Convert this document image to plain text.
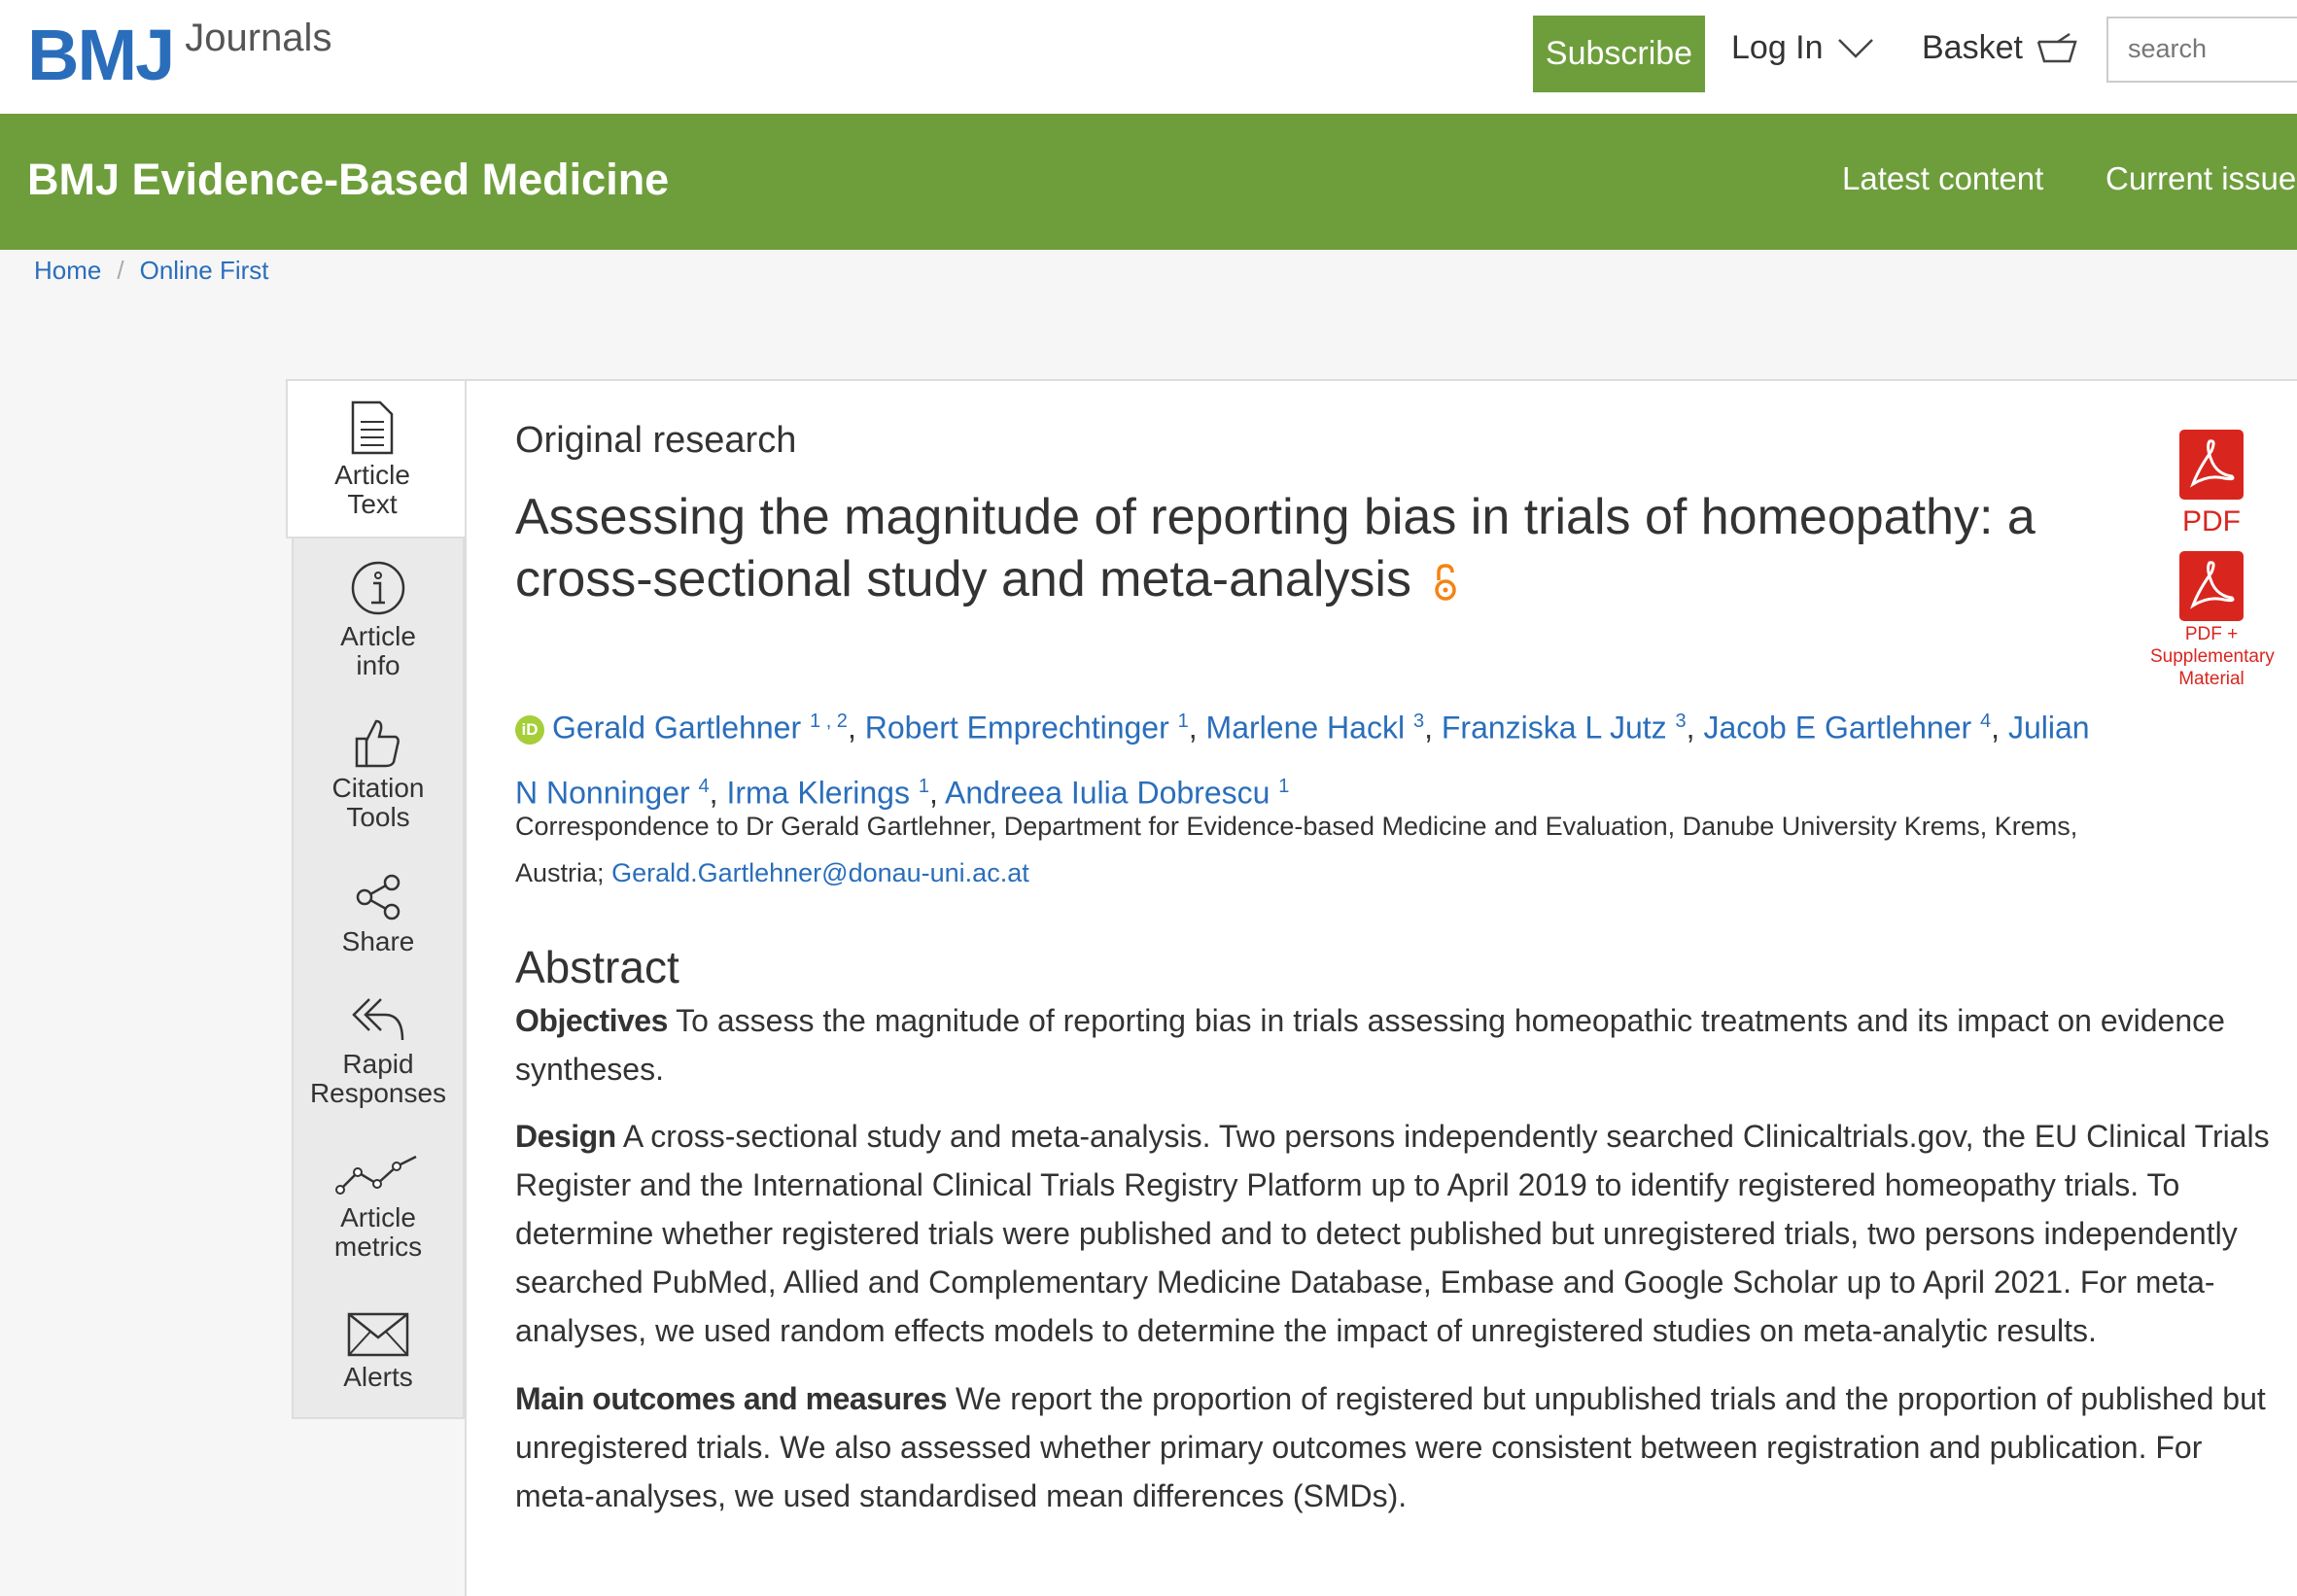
BMJ Journals	Subscribe	Log In	Basket
search
BMJ Evidence-Based Medicine	Latest content Current issue
Home / Online First
Article
Text
Article
info
Citation
Tools
Share
Rapid
Responses
Article
metrics
Alerts
Original research
Assessing the magnitude of reporting bias in trials of homeopathy: a cross-sectional study and meta-analysis
PDF
PDF + Supplementary Material
iD Gerald Gartlehner $^{1 , 2}$, Robert Emprechtinger $^1$, Marlene Hackl $^3$, Franziska L Jutz $^3$, Jacob E Gartlehner $^4$, Julian N Nonninger $^4$, Irma Klerings $^1$, Andreea Iulia Dobrescu $^1$
Correspondence to Dr Gerald Gartlehner, Department for Evidence-based Medicine and Evaluation, Danube University Krems, Krems, Austria; Gerald.Gartlehner@donau-uni.ac.at
Abstract
Objectives To assess the magnitude of reporting bias in trials assessing homeopathic treatments and its impact on evidence syntheses.
Design A cross-sectional study and meta-analysis. Two persons independently searched Clinicaltrials.gov, the EU Clinical Trials Register and the International Clinical Trials Registry Platform up to April 2019 to identify registered homeopathy trials. To determine whether registered trials were published and to detect published but unregistered trials, two persons independently searched PubMed, Allied and Complementary Medicine Database, Embase and Google Scholar up to April 2021. For meta-analyses, we used random effects models to determine the impact of unregistered studies on meta-analytic results.
Main outcomes and measures We report the proportion of registered but unpublished trials and the proportion of published but unregistered trials. We also assessed whether primary outcomes were consistent between registration and publication. For meta-analyses, we used standardised mean differences (SMDs).
